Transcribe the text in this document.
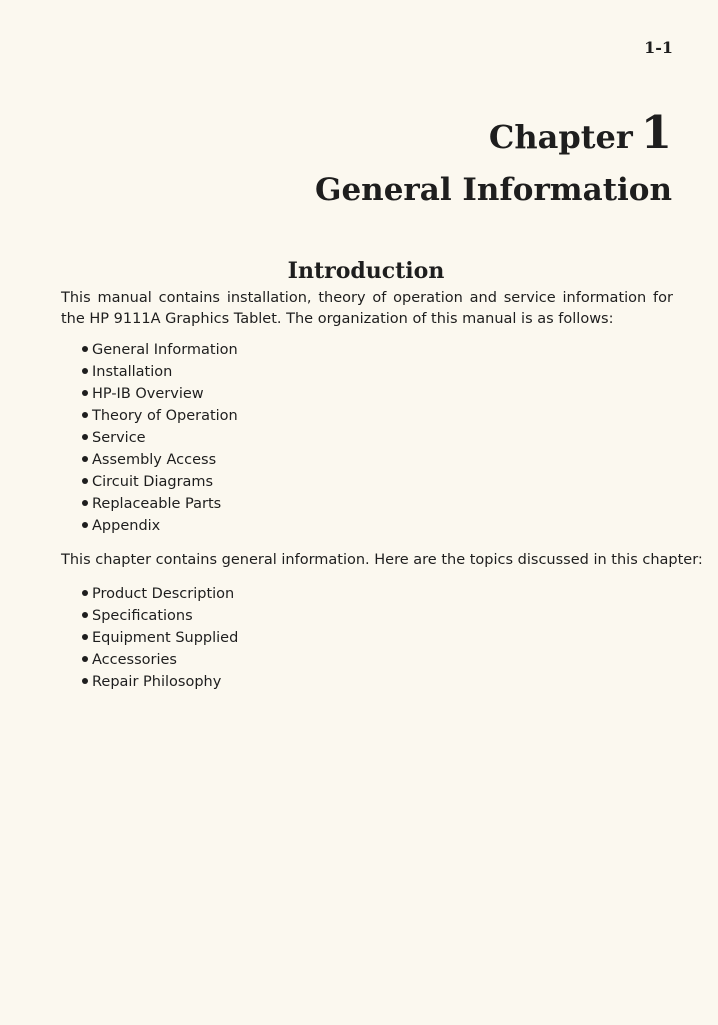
1-1
Chapter 1
General Information
Introduction

This manual contains installation, theory of operation and service information for the HP 9111A Graphics Tablet. The organization of this manual is as follows:

General Information
Installation
HP-IB Overview
Theory of Operation
Service
Assembly Access
Circuit Diagrams
Replaceable Parts
Appendix

This chapter contains general information. Here are the topics discussed in this chapter:

Product Description
Specifications
Equipment Supplied
Accessories
Repair Philosophy
